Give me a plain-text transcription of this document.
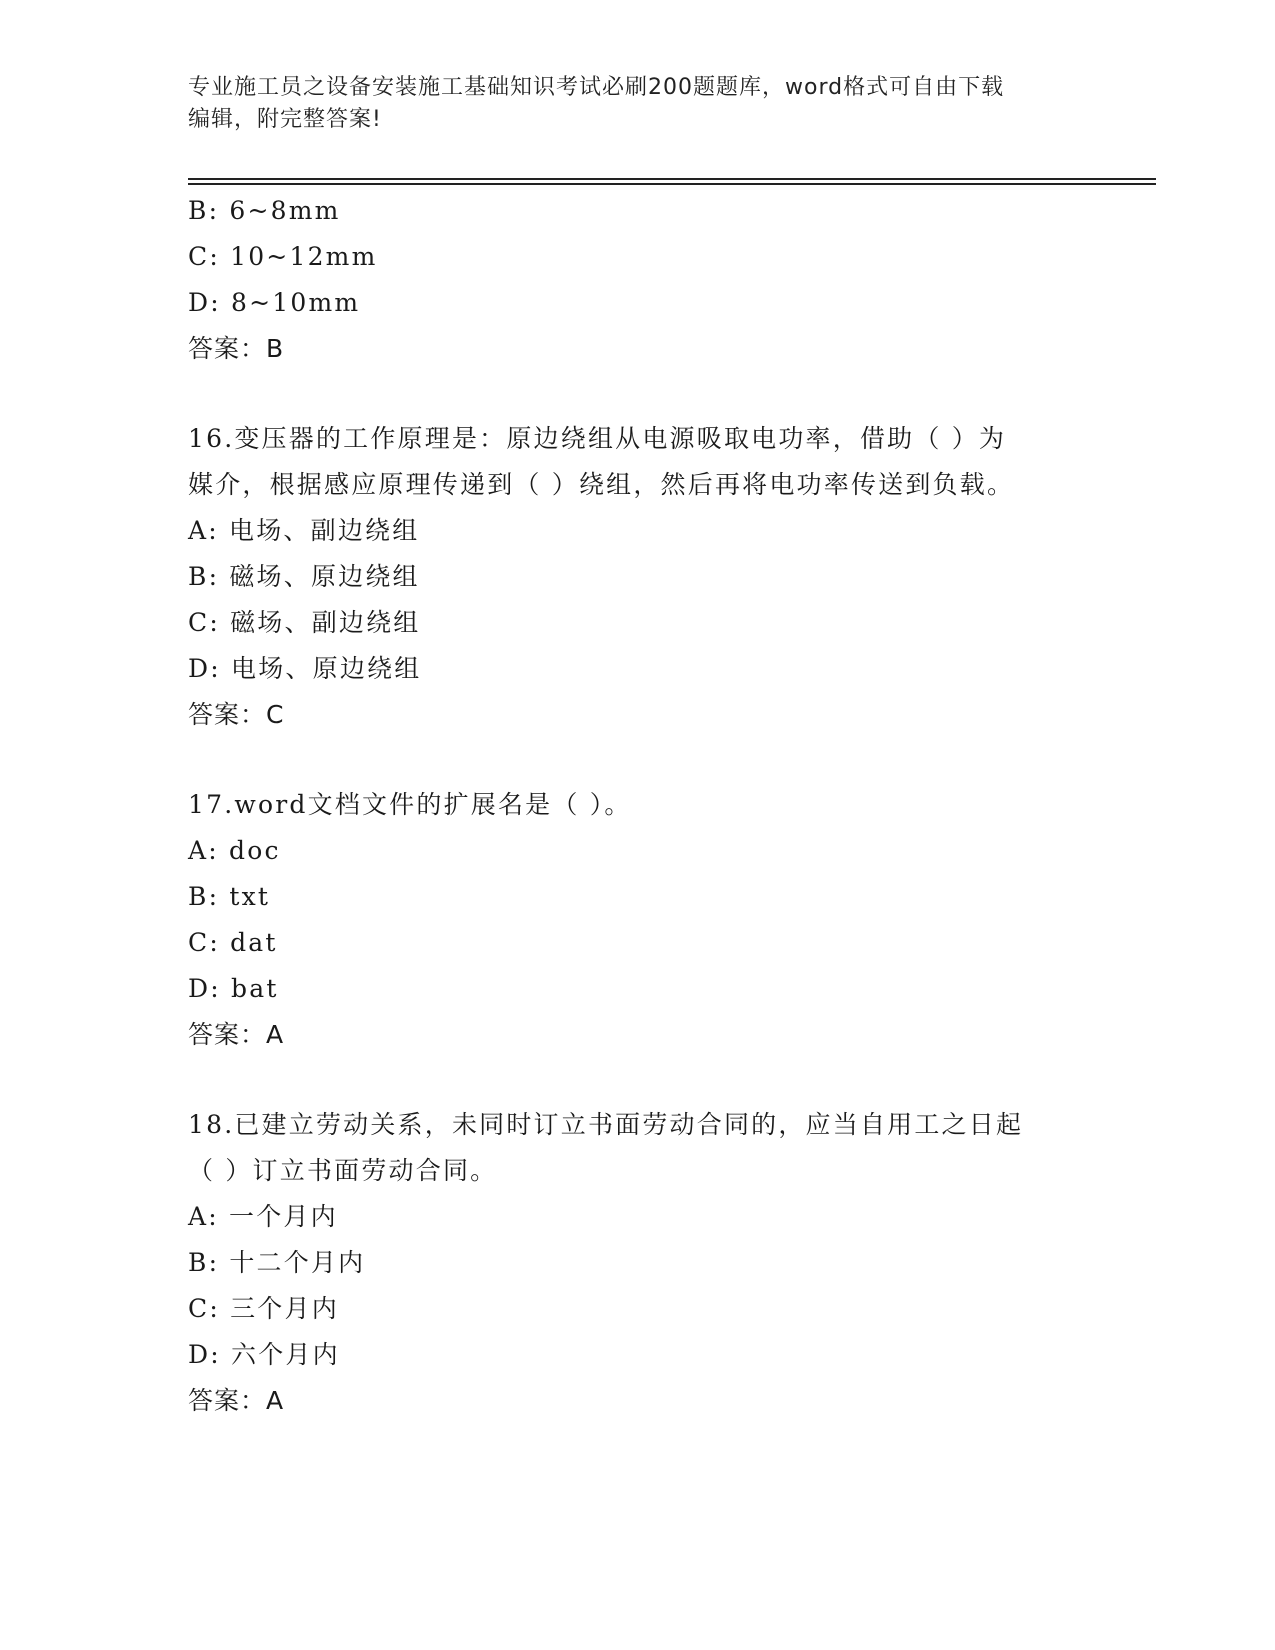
专业施工员之设备安装施工基础知识考试必刷200题题库，word格式可自由下载
编辑，附完整答案!
B: 6~8mm
C: 10~12mm
D: 8~10mm
答案：B
16.变压器的工作原理是：原边绕组从电源吸取电功率，借助（ ）为
媒介，根据感应原理传递到（ ）绕组，然后再将电功率传送到负载。
A: 电场、副边绕组
B: 磁场、原边绕组
C: 磁场、副边绕组
D: 电场、原边绕组
答案：C
17.word文档文件的扩展名是（ ）。
A: doc
B: txt
C: dat
D: bat
答案：A
18.已建立劳动关系，未同时订立书面劳动合同的，应当自用工之日起
（ ）订立书面劳动合同。
A: 一个月内
B: 十二个月内
C: 三个月内
D: 六个月内
答案：A
